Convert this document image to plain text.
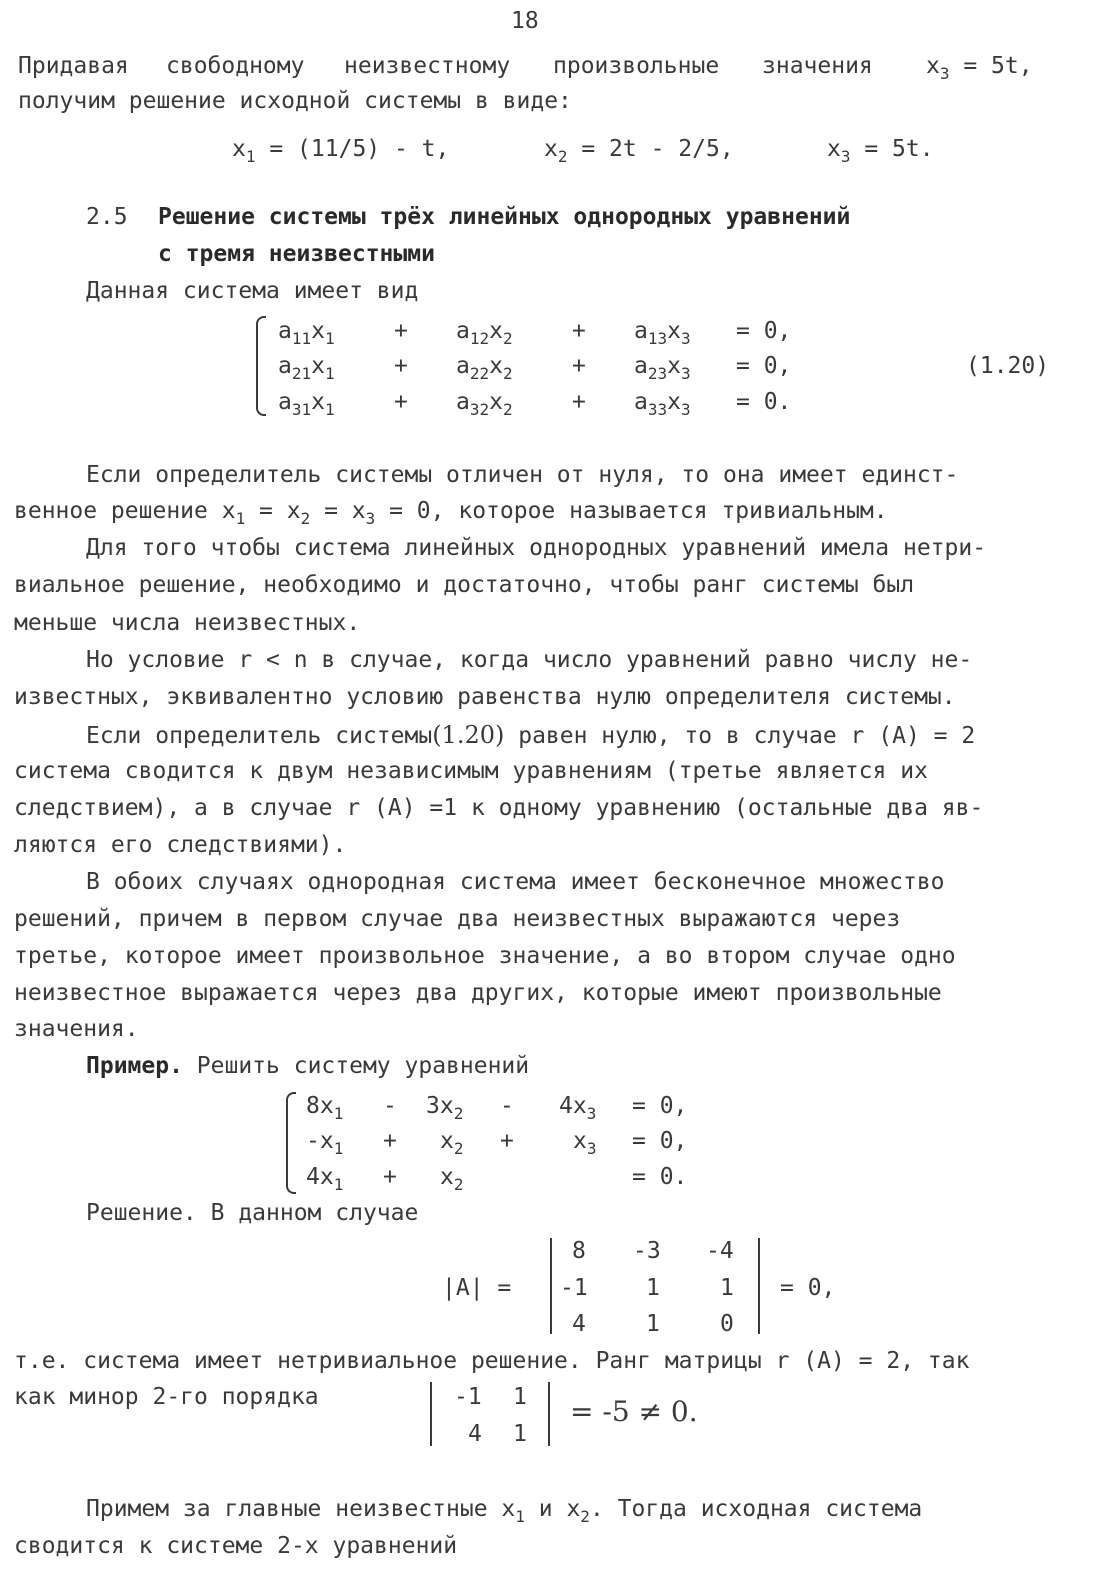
18
Придавая свободному неизвестному произвольные значения $x_3 = 5t$,
получим решение исходной системы в виде:
$x_1 = (11/5) - t$,	$x_2 = 2t - 2/5$,	$x_3 = 5t$.
2.5 Решение системы трёх линейных однородных уравнений
с тремя неизвестными
Данная система имеет вид
$a_{11}x_1$	+ $a_{12}x_2$	+ $a_{13}x_3 = 0$,
$a_{21}x_1$	+ $a_{22}x_2$	+ $a_{23}x_3 = 0$,
$a_{31}x_1$	+ $a_{32}x_2$	+ $a_{33}x_3 = 0$.
(1.20)
Если определитель системы отличен от нуля, то она имеет единст-
венное решение $x_1 = x_2 = x_3 = 0$, которое называется тривиальным.
Для того чтобы система линейных однородных уравнений имела нетри-
виальное решение, необходимо и достаточно, чтобы ранг системы был
меньше числа неизвестных.
Но условие r < n в случае, когда число уравнений равно числу не-
известных, эквивалентно условию равенства нулю определителя системы.
Если определитель системы(1.20) равен нулю, то в случае r (A) = 2
система сводится к двум независимым уравнениям (третье является их
следствием), а в случае r (A) =1 к одному уравнению (остальные два яв-
ляются его следствиями).
В обоих случаях однородная система имеет бесконечное множество
решений, причем в первом случае два неизвестных выражаются через
третье, которое имеет произвольное значение, а во втором случае одно
неизвестное выражается через два других, которые имеют произвольные
значения.
Пример. Решить систему уравнений
$8x_1 - 3x_2 - 4x_3 = 0$,
$-x_1 + x_2$ +	$x_3 = 0$,
$4x_1 + x_2$	= 0.
Решение. В данном случае
|A| =
8 -3 -4
-1	1	1
4	1	0
= 0,
т.е. система имеет нетривиальное решение. Ранг матрицы r (A) = 2, так
как минор 2-го порядка	-1 1
4 1
= -5 ≠ 0.
Примем за главные неизвестные $x_1$ и $x_2$. Тогда исходная система
сводится к системе 2-х уравнений
